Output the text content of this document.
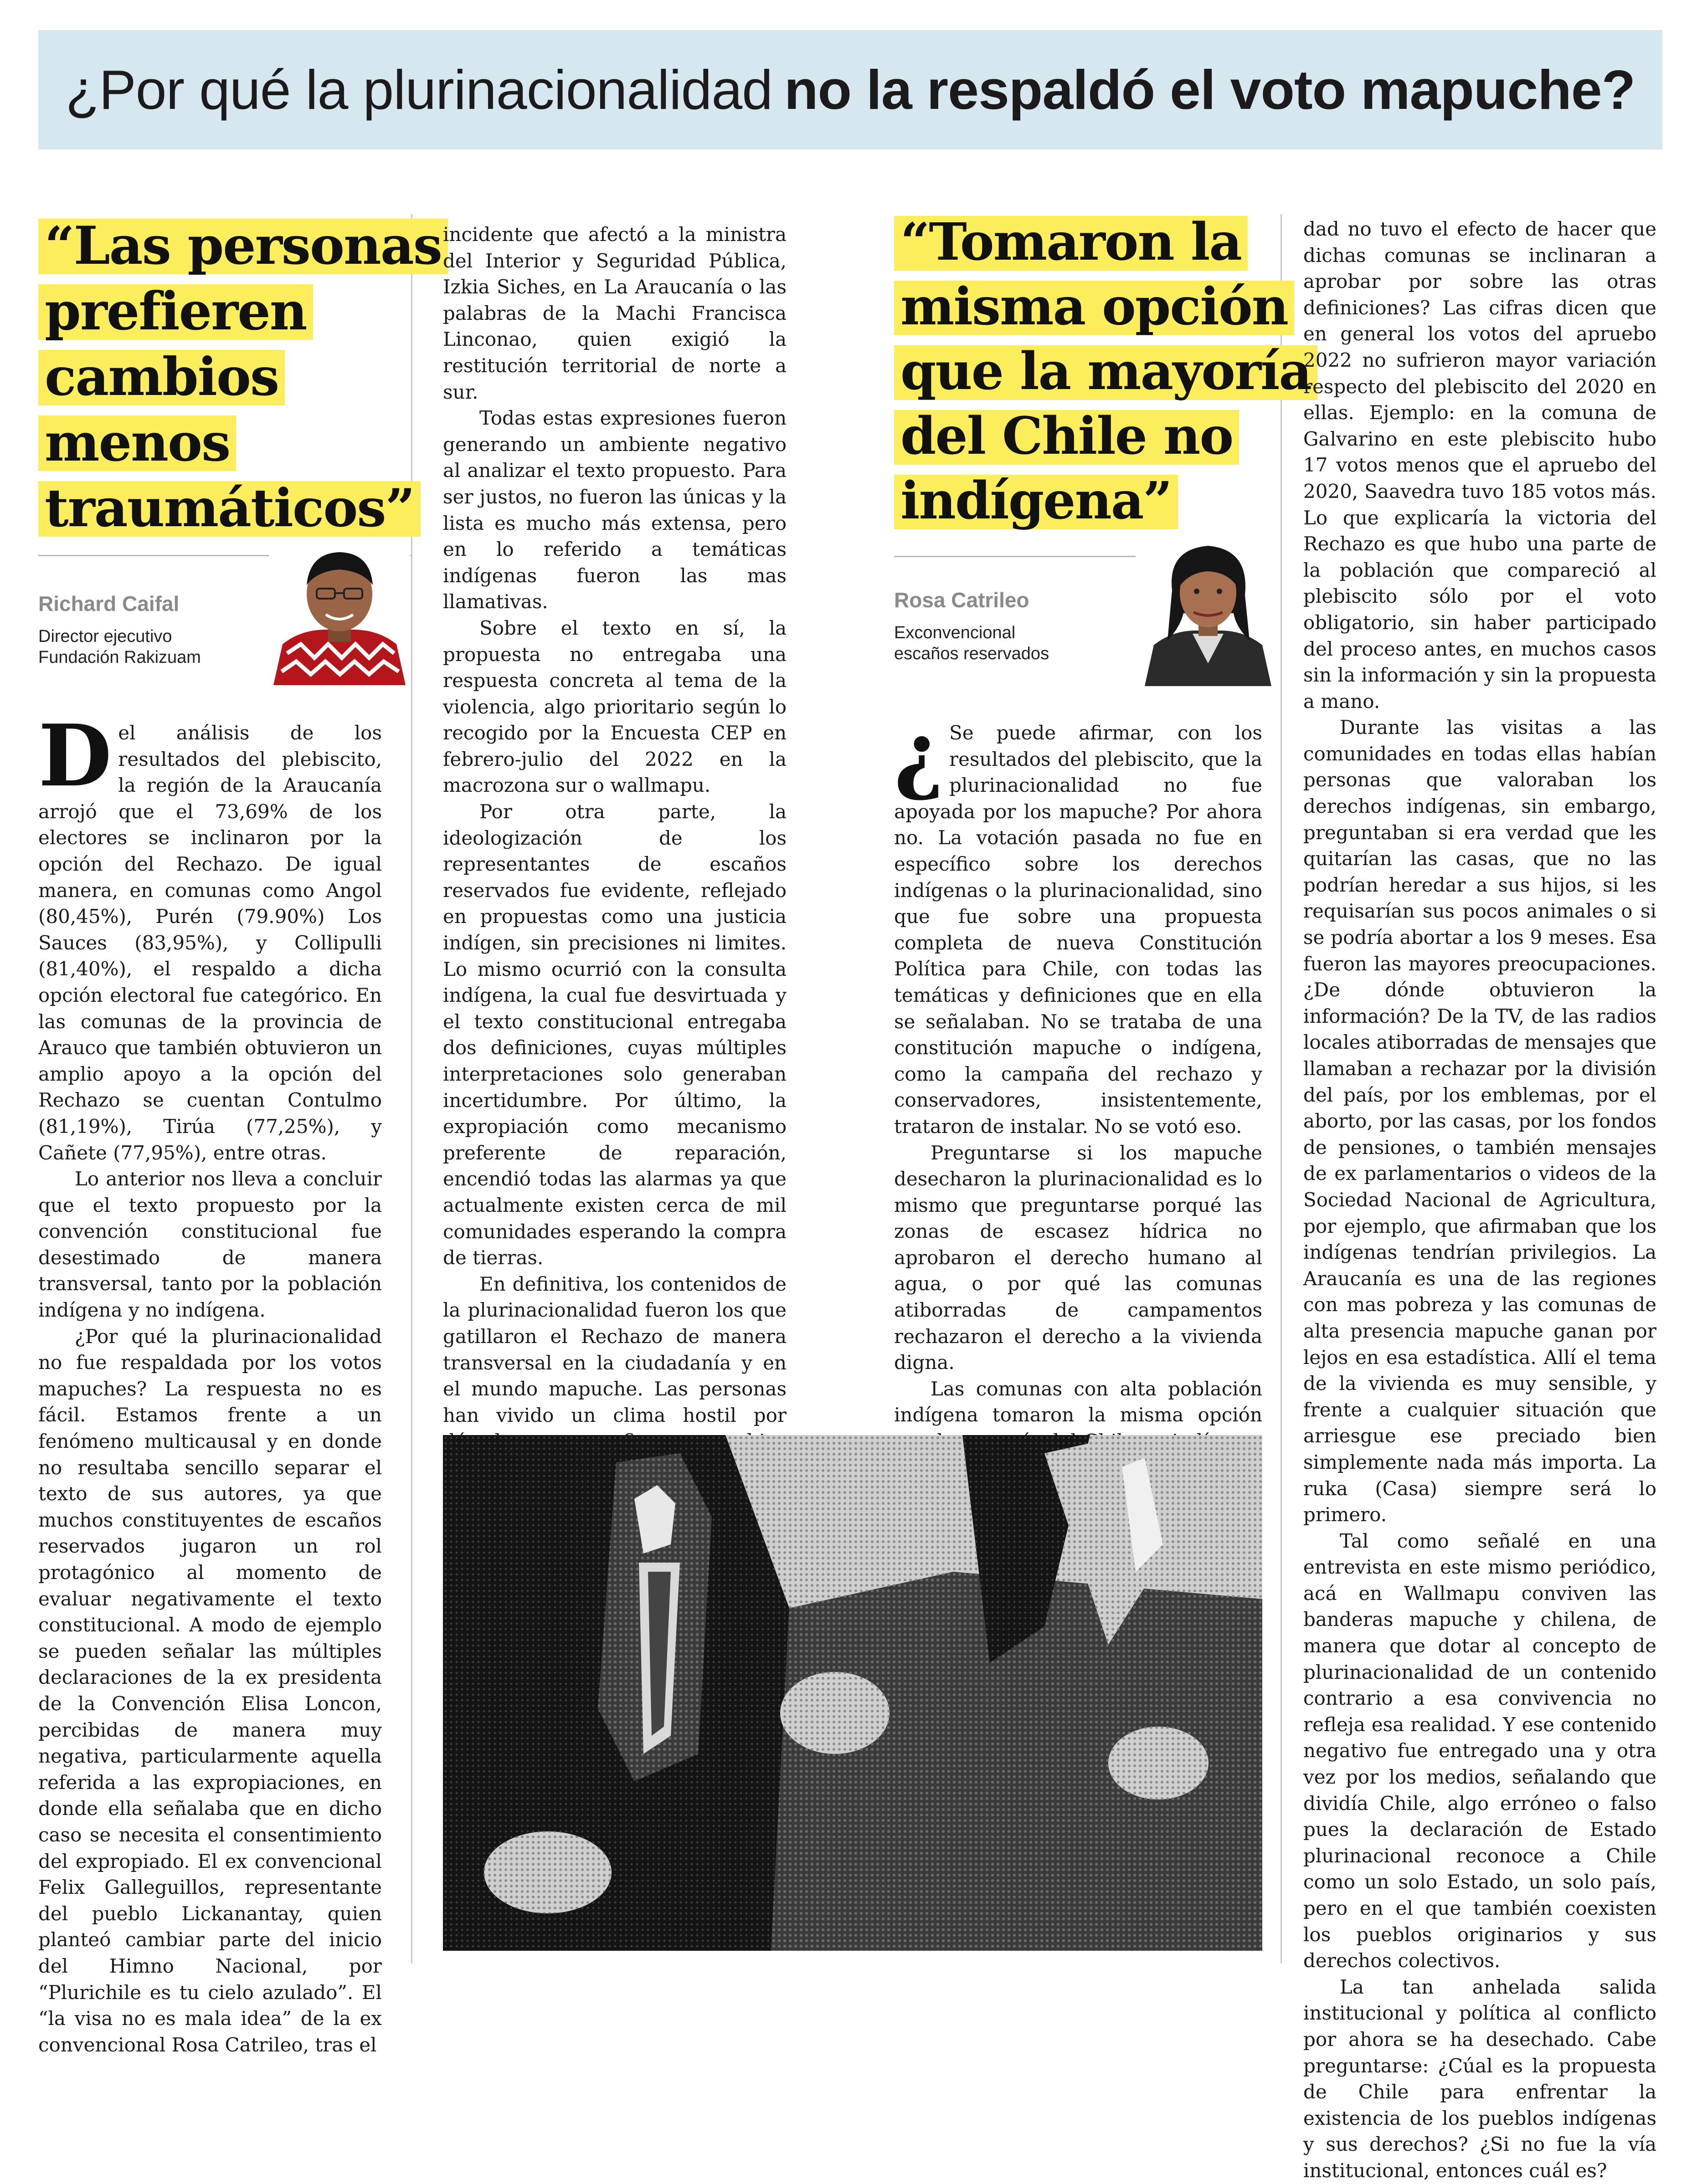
¿Por qué la plurinacionalidad no la respaldó el voto mapuche?
“Las personas
prefieren
cambios
menos
traumáticos”
Richard Caifal
Director ejecutivo
Fundación Rakizuam

Del análisis de los resultados del plebiscito, la región de la Araucanía arrojó que el 73,69% de los electores se inclinaron por la opción del Rechazo. De igual manera, en comunas como Angol (80,45%), Purén (79.90%) Los Sauces (83,95%), y Collipulli (81,40%), el respaldo a dicha opción electoral fue categórico. En las comunas de la provincia de Arauco que también obtuvieron un amplio apoyo a la opción del Rechazo se cuentan Contulmo (81,19%), Tirúa (77,25%), y Cañete (77,95%), entre otras.

Lo anterior nos lleva a concluir que el texto propuesto por la convención constitucional fue desestimado de manera transversal, tanto por la población indígena y no indígena.

¿Por qué la plurinacionalidad no fue respaldada por los votos mapuches? La respuesta no es fácil. Estamos frente a un fenómeno multicausal y en donde no resultaba sencillo separar el texto de sus autores, ya que muchos constituyentes de escaños reservados jugaron un rol protagónico al momento de evaluar negativamente el texto constitucional. A modo de ejemplo se pueden señalar las múltiples declaraciones de la ex presidenta de la Convención Elisa Loncon, percibidas de manera muy negativa, particularmente aquella referida a las expropiaciones, en donde ella señalaba que en dicho caso se necesita el consentimiento del expropiado. El ex convencional Felix Galleguillos, representante del pueblo Lickanantay, quien planteó cambiar parte del inicio del Himno Nacional, por “Plurichile es tu cielo azulado”. El “la visa no es mala idea” de la ex convencional Rosa Catrileo, tras el

incidente que afectó a la ministra del Interior y Seguridad Pública, Izkia Siches, en La Araucanía o las palabras de la Machi Francisca Linconao, quien exigió la restitución territorial de norte a sur.

Todas estas expresiones fueron generando un ambiente negativo al analizar el texto propuesto. Para ser justos, no fueron las únicas y la lista es mucho más extensa, pero en lo referido a temáticas indígenas fueron las mas llamativas.

Sobre el texto en sí, la propuesta no entregaba una respuesta concreta al tema de la violencia, algo prioritario según lo recogido por la Encuesta CEP en febrero-julio del 2022 en la macrozona sur o wallmapu.

Por otra parte, la ideologización de los representantes de escaños reservados fue evidente, reflejado en propuestas como una justicia indígen, sin precisiones ni limites. Lo mismo ocurrió con la consulta indígena, la cual fue desvirtuada y el texto constitucional entregaba dos definiciones, cuyas múltiples interpretaciones solo generaban incertidumbre. Por último, la expropiación como mecanismo preferente de reparación, encendió todas las alarmas ya que actualmente existen cerca de mil comunidades esperando la compra de tierras.

En definitiva, los contenidos de la plurinacionalidad fueron los que gatillaron el Rechazo de manera transversal en la ciudadanía y en el mundo mapuche. Las personas han vivido un clima hostil por

“Tomaron la
misma opción
que la mayoría
del Chile no
indígena”
Rosa Catrileo
Exconvencional
escaños reservados

¿ Se puede afirmar, con los resultados del plebiscito, que la plurinacionalidad no fue apoyada por los mapuche? Por ahora no. La votación pasada no fue en específico sobre los derechos indígenas o la plurinacionalidad, sino que fue sobre una propuesta completa de nueva Constitución Política para Chile, con todas las temáticas y definiciones que en ella se señalaban. No se trataba de una constitución mapuche o indígena, como la campaña del rechazo y conservadores, insistentemente, trataron de instalar. No se votó eso.

Preguntarse si los mapuche desecharon la plurinacionalidad es lo mismo que preguntarse porqué las zonas de escasez hídrica no aprobaron el derecho humano al agua, o por qué las comunas atiborradas de campamentos rechazaron el derecho a la vivienda digna.

Las comunas con alta población indígena tomaron la misma opción

dad no tuvo el efecto de hacer que dichas comunas se inclinaran a aprobar por sobre las otras definiciones? Las cifras dicen que en general los votos del apruebo 2022 no sufrieron mayor variación respecto del plebiscito del 2020 en ellas. Ejemplo: en la comuna de Galvarino en este plebiscito hubo 17 votos menos que el apruebo del 2020, Saavedra tuvo 185 votos más. Lo que explicaría la victoria del Rechazo es que hubo una parte de la población que compareció al plebiscito sólo por el voto obligatorio, sin haber participado del proceso antes, en muchos casos sin la información y sin la propuesta a mano.

Durante las visitas a las comunidades en todas ellas habían personas que valoraban los derechos indígenas, sin embargo, preguntaban si era verdad que les quitarían las casas, que no las podrían heredar a sus hijos, si les requisarían sus pocos animales o si se podría abortar a los 9 meses. Esa fueron las mayores preocupaciones. ¿De dónde obtuvieron la información? De la TV, de las radios locales atiborradas de mensajes que llamaban a rechazar por la división del país, por los emblemas, por el aborto, por las casas, por los fondos de pensiones, o también mensajes de ex parlamentarios o videos de la Sociedad Nacional de Agricultura, por ejemplo, que afirmaban que los indígenas tendrían privilegios. La Araucanía es una de las regiones con mas pobreza y las comunas de alta presencia mapuche ganan por lejos en esa estadística. Allí el tema de la vivienda es muy sensible, y frente a cualquier situación que arriesgue ese preciado bien simplemente nada más importa. La ruka (Casa) siempre será lo primero.

Tal como señalé en una entrevista en este mismo periódico, acá en Wallmapu conviven las banderas mapuche y chilena, de manera que dotar al concepto de plurinacionalidad de un contenido contrario a esa convivencia no refleja esa realidad. Y ese contenido negativo fue entregado una y otra vez por los medios, señalando que dividía Chile, algo erróneo o falso pues la declaración de Estado plurinacional reconoce a Chile como un solo Estado, un solo país, pero en el que también coexisten los pueblos originarios y sus derechos colectivos.

La tan anhelada salida institucional y política al conflicto por ahora se ha desechado. Cabe preguntarse: ¿Cúal es la propuesta de Chile para enfrentar la existencia de los pueblos indígenas y sus derechos? ¿Si no fue la vía institucional, entonces cuál es?
